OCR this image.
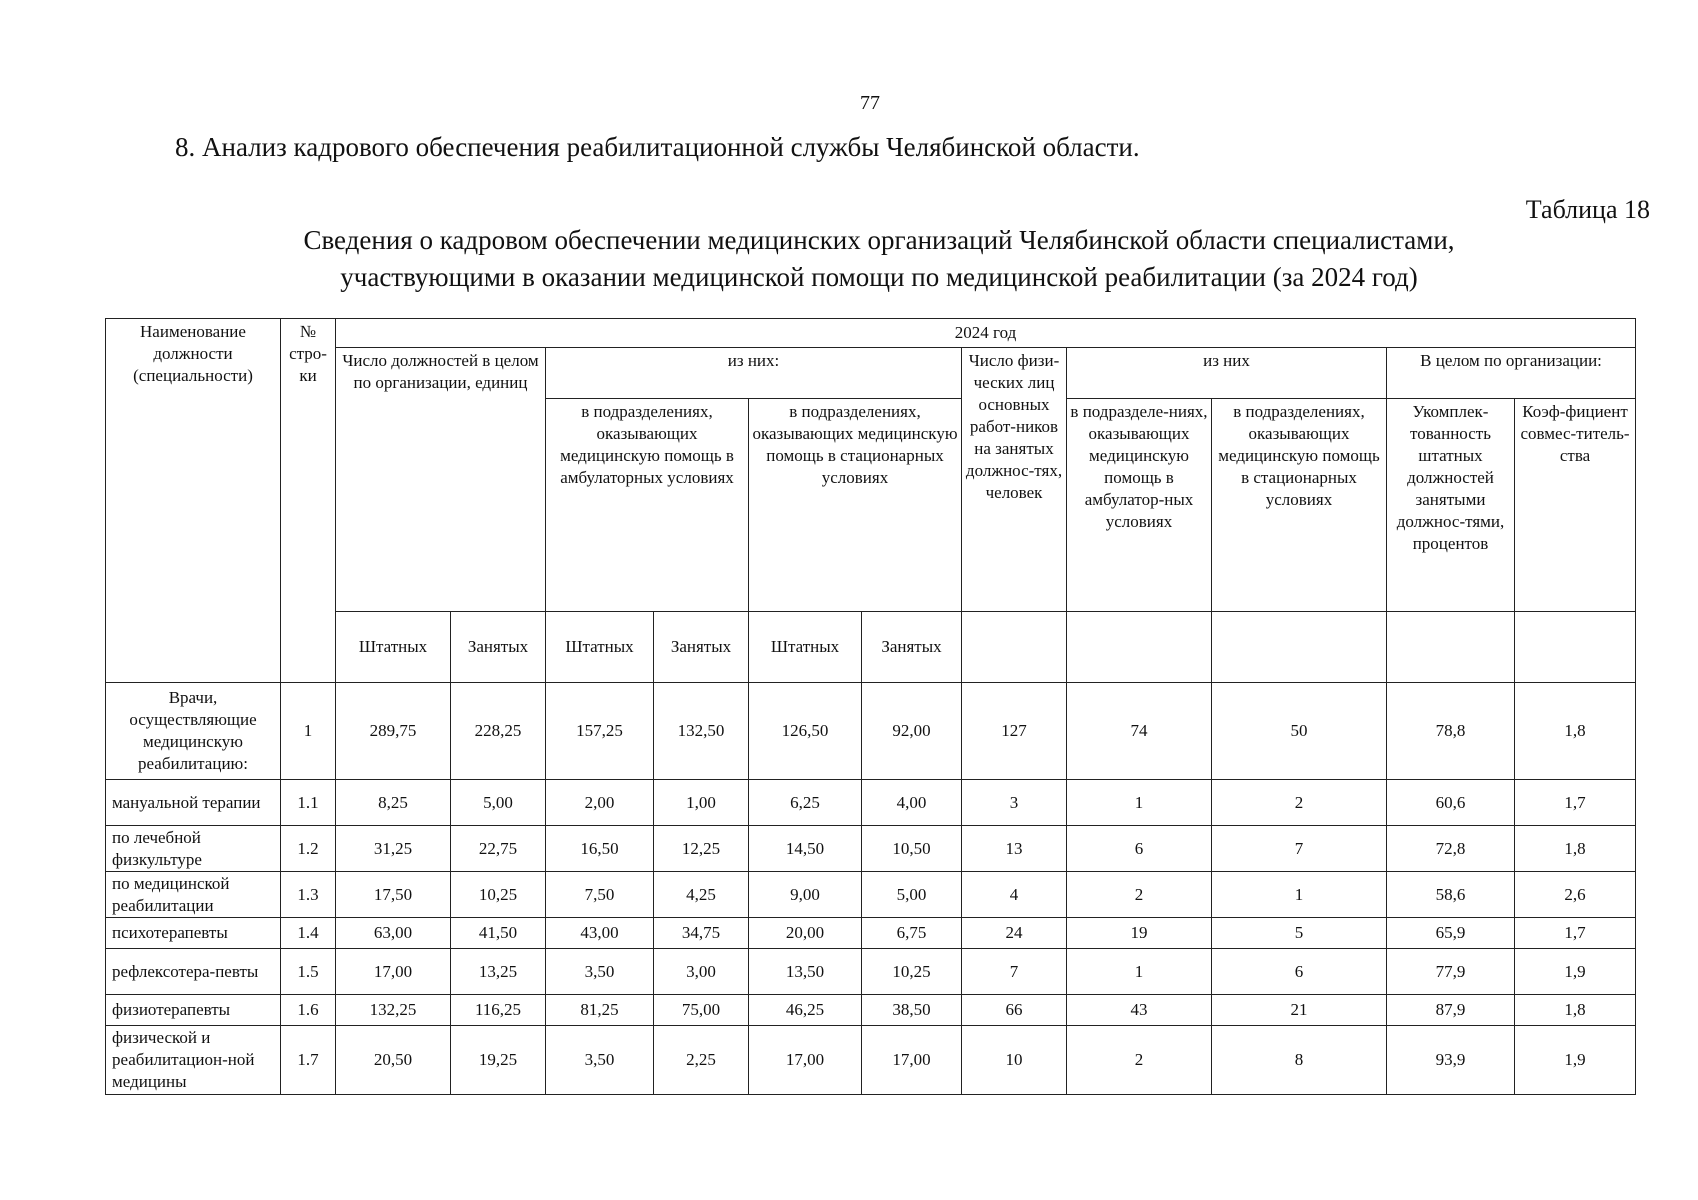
77
8. Анализ кадрового обеспечения реабилитационной службы Челябинской области.
Таблица 18
Сведения о кадровом обеспечении медицинских организаций Челябинской области специалистами,
участвующими в оказании медицинской помощи по медицинской реабилитации (за 2024 год)
Наименование должности (специальности)	№ стро-ки	2024 год										
		Число должностей в целом по организации, единиц		из них:				Число физи-ческих лиц основных работ-ников на занятых должнос-тях, человек	из них		В целом по организации:	
				в подразделениях, оказывающих медицинскую помощь в амбулаторных условиях		в подразделениях, оказывающих медицинскую помощь в стационарных условиях			в подразделе-ниях, оказывающих медицинскую помощь в амбулатор-ных условиях	в подразделениях, оказывающих медицинскую помощь в стационарных условиях	Укомплек-тованность штатных должностей занятыми должнос-тями, процентов	Коэф-фициент совмес-титель-ства
		Штатных	Занятых	Штатных	Занятых	Штатных	Занятых					
Врачи, осуществляющие медицинскую реабилитацию:	1	289,75	228,25	157,25	132,50	126,50	92,00	127	74	50	78,8	1,8
мануальной терапии	1.1	8,25	5,00	2,00	1,00	6,25	4,00	3	1	2	60,6	1,7
по лечебной физкультуре	1.2	31,25	22,75	16,50	12,25	14,50	10,50	13	6	7	72,8	1,8
по медицинской реабилитации	1.3	17,50	10,25	7,50	4,25	9,00	5,00	4	2	1	58,6	2,6
психотерапевты	1.4	63,00	41,50	43,00	34,75	20,00	6,75	24	19	5	65,9	1,7
рефлексотера-певты	1.5	17,00	13,25	3,50	3,00	13,50	10,25	7	1	6	77,9	1,9
физиотерапевты	1.6	132,25	116,25	81,25	75,00	46,25	38,50	66	43	21	87,9	1,8
физической и реабилитацион-ной медицины	1.7	20,50	19,25	3,50	2,25	17,00	17,00	10	2	8	93,9	1,9
